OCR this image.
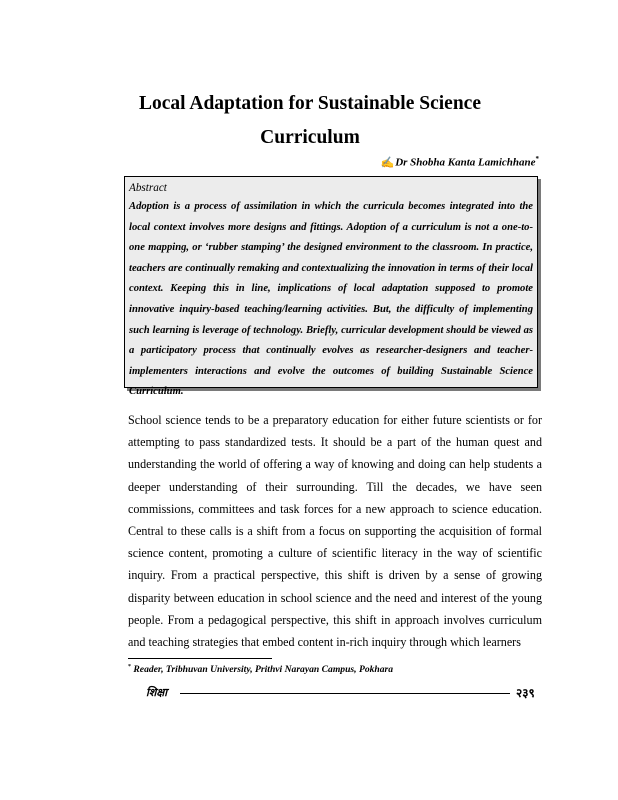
Local Adaptation for Sustainable Science
Curriculum
✍Dr Shobha Kanta Lamichhane*

Abstract

Adoption is a process of assimilation in which the curricula becomes integrated into the local context involves more designs and fittings. Adoption of a curriculum is not a one-to-one mapping, or ‘rubber stamping’ the designed environment to the classroom. In practice, teachers are continually remaking and contextualizing the innovation in terms of their local context. Keeping this in line, implications of local adaptation supposed to promote innovative inquiry-based teaching/learning activities. But, the difficulty of implementing such learning is leverage of technology. Briefly, curricular development should be viewed as a participatory process that continually evolves as researcher-designers and teacher-implementers interactions and evolve the outcomes of building Sustainable Science Curriculum.

School science tends to be a preparatory education for either future scientists or for attempting to pass standardized tests. It should be a part of the human quest and understanding the world of offering a way of knowing and doing can help students a deeper understanding of their surrounding. Till the decades, we have seen commissions, committees and task forces for a new approach to science education. Central to these calls is a shift from a focus on supporting the acquisition of formal science content, promoting a culture of scientific literacy in the way of scientific inquiry. From a practical perspective, this shift is driven by a sense of growing disparity between education in school science and the need and interest of the young people. From a pedagogical perspective, this shift in approach involves curriculum and teaching strategies that embed content in-rich inquiry through which learners

* Reader, Tribhuvan University, Prithvi Narayan Campus, Pokhara

शिक्षा	२३९
